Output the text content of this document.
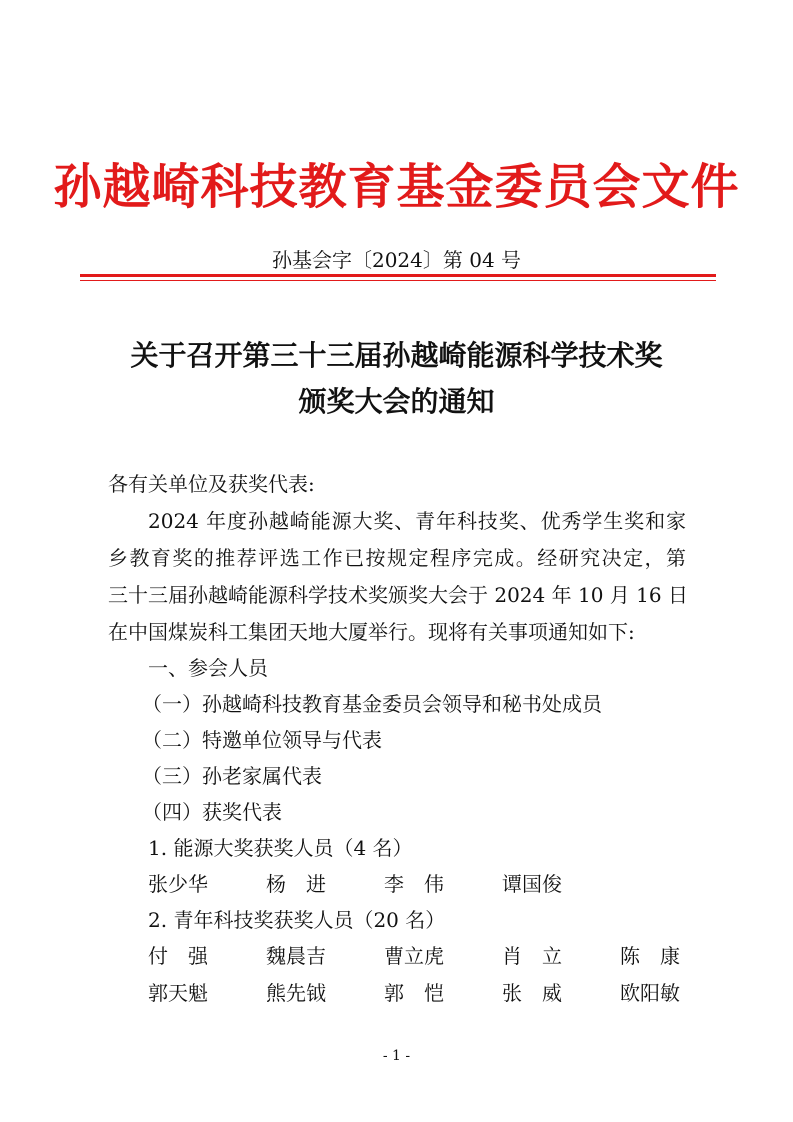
孙越崎科技教育基金委员会文件
孙基会字〔2024〕第 04 号
关于召开第三十三届孙越崎能源科学技术奖
颁奖大会的通知
各有关单位及获奖代表:
2024 年度孙越崎能源大奖、青年科技奖、优秀学生奖和家
乡教育奖的推荐评选工作已按规定程序完成。经研究决定，第
三十三届孙越崎能源科学技术奖颁奖大会于 2024 年 10 月 16 日
在中国煤炭科工集团天地大厦举行。现将有关事项通知如下:
一、参会人员
（一）孙越崎科技教育基金委员会领导和秘书处成员
（二）特邀单位领导与代表
（三）孙老家属代表
（四）获奖代表
1. 能源大奖获奖人员（4 名）
张少华	杨　进	李　伟	谭国俊
2. 青年科技奖获奖人员（20 名）
付　强	魏晨吉	曹立虎	肖　立	陈　康
郭天魁	熊先钺	郭　恺	张　威	欧阳敏
- 1 -
